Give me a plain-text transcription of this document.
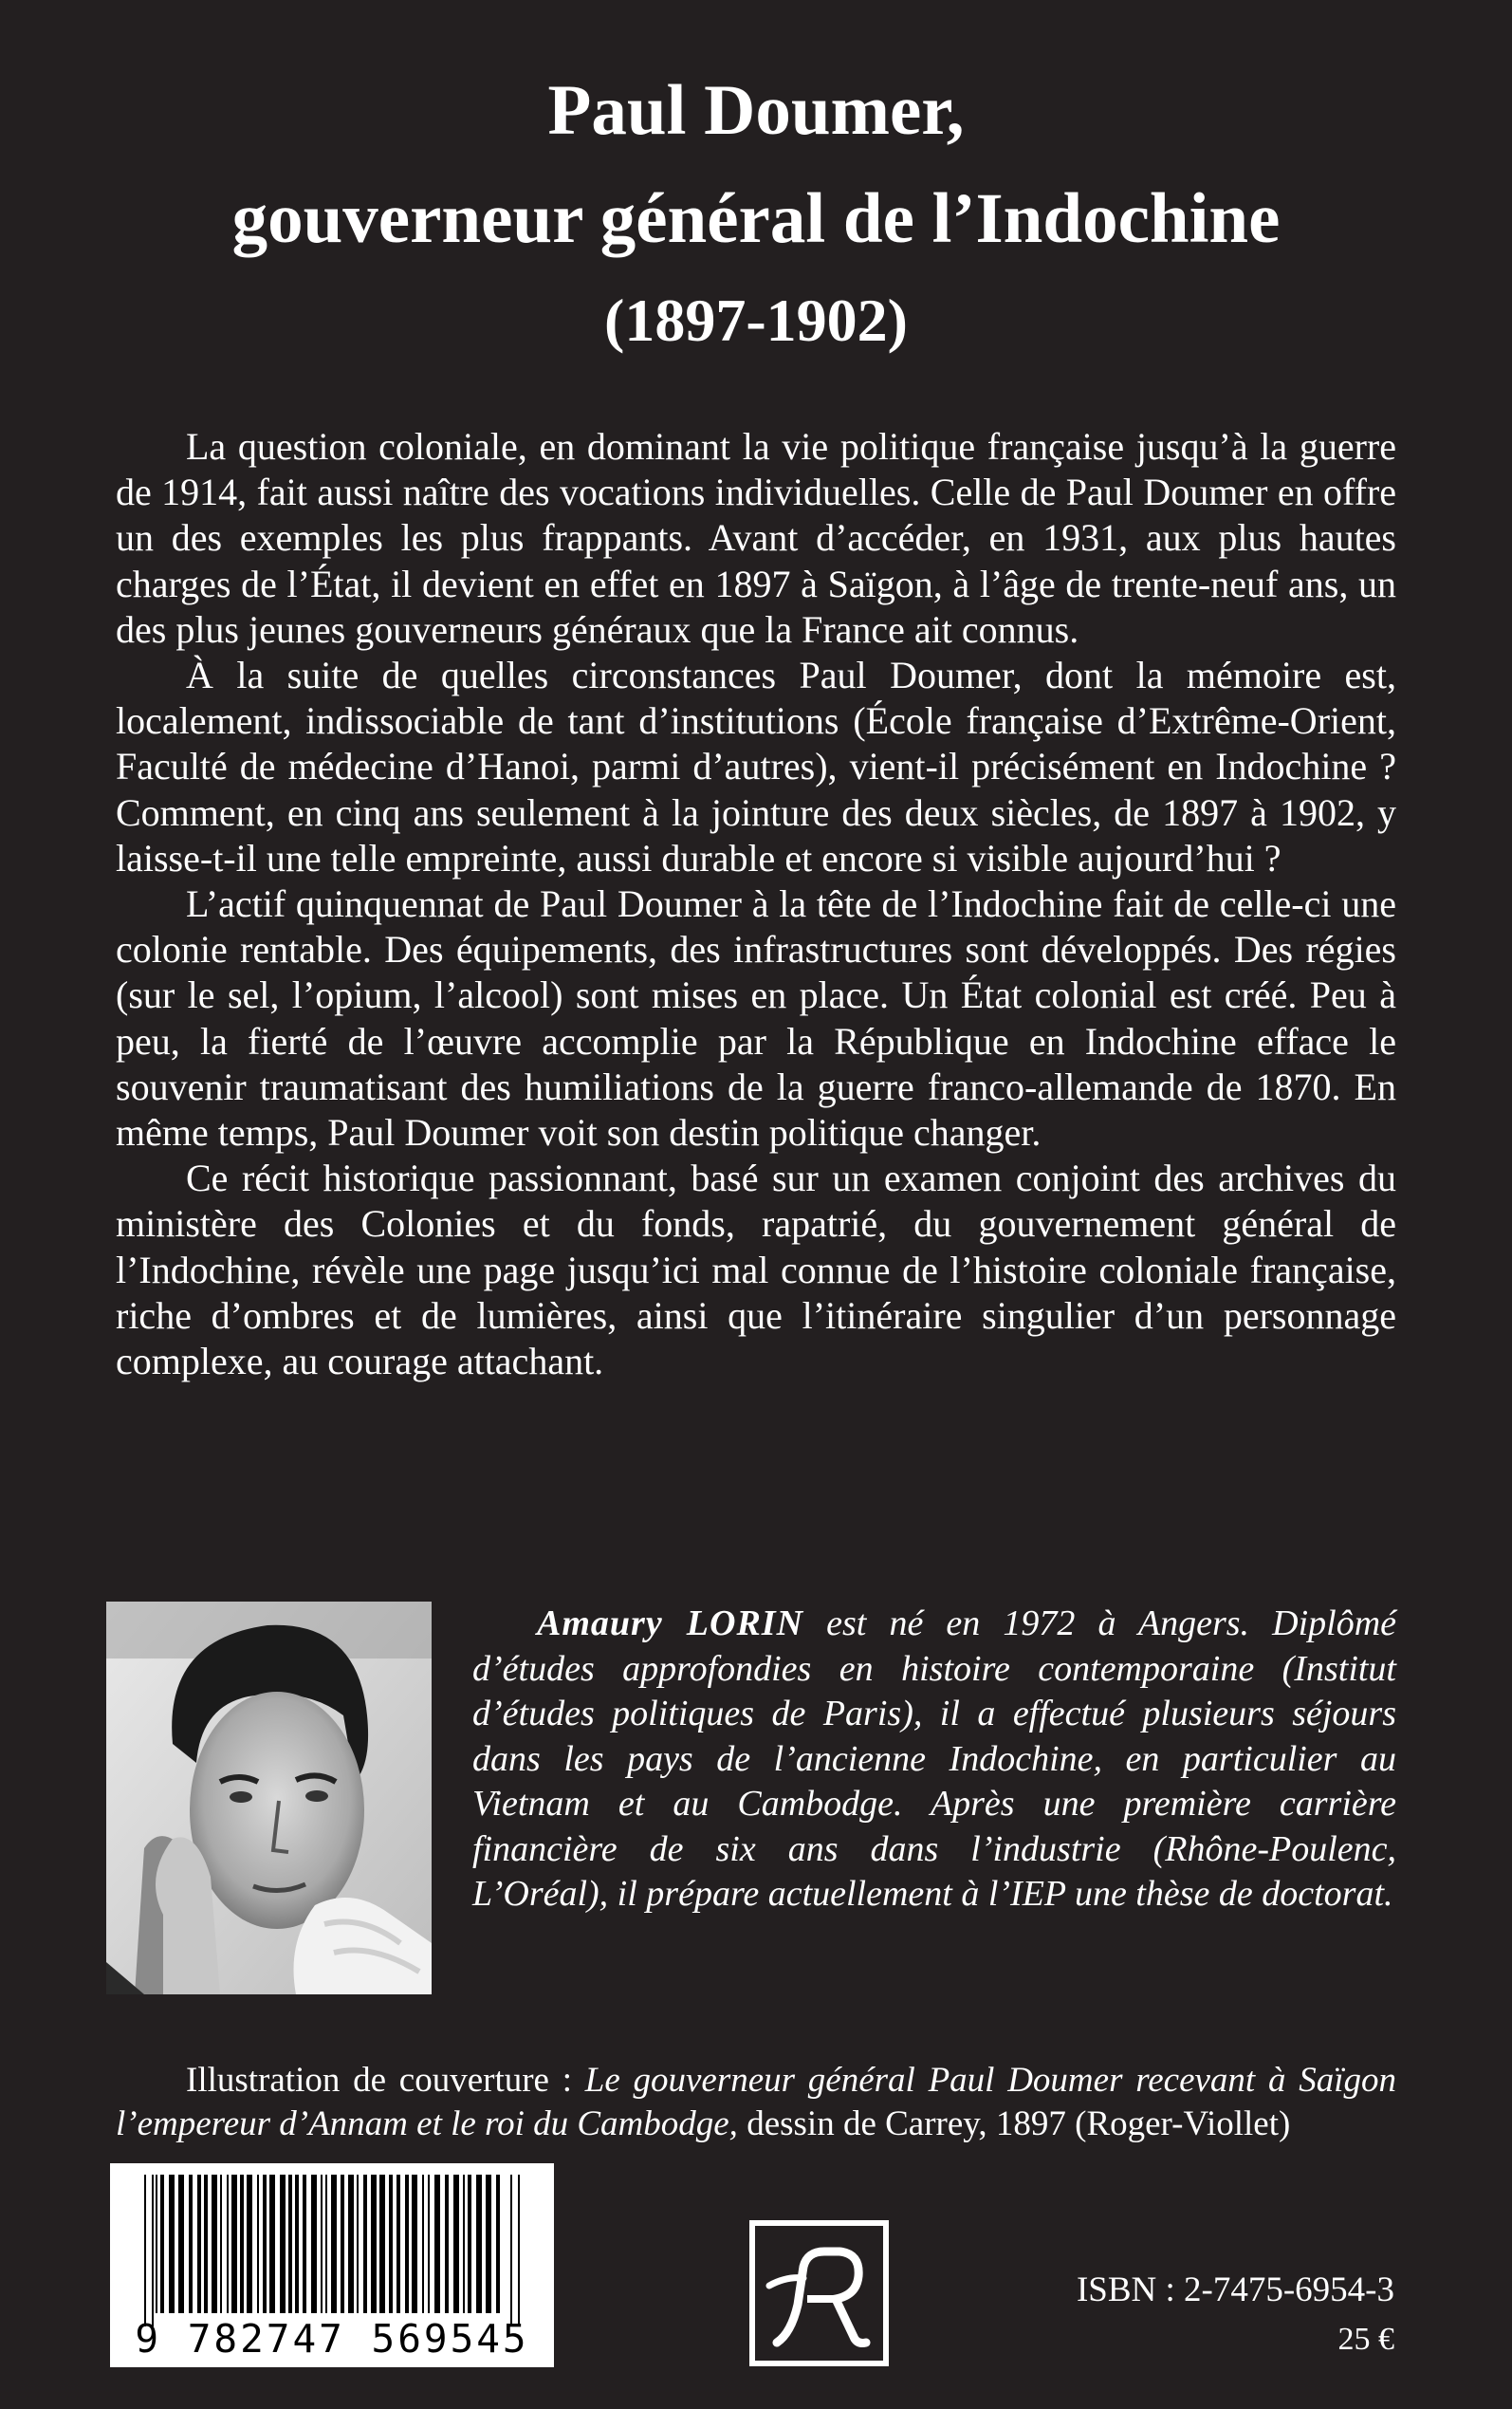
Paul Doumer,
gouverneur général de l’Indochine
(1897-1902)

La question coloniale, en dominant la vie politique française jusqu’à la guerre de 1914, fait aussi naître des vocations individuelles. Celle de Paul Doumer en offre un des exemples les plus frappants. Avant d’accéder, en 1931, aux plus hautes charges de l’État, il devient en effet en 1897 à Saïgon, à l’âge de trente-neuf ans, un des plus jeunes gouverneurs généraux que la France ait connus.

À la suite de quelles circonstances Paul Doumer, dont la mémoire est, localement, indissociable de tant d’institutions (École française d’Extrême-Orient, Faculté de médecine d’Hanoi, parmi d’autres), vient-il précisément en Indochine ? Comment, en cinq ans seulement à la jointure des deux siècles, de 1897 à 1902, y laisse-t-il une telle empreinte, aussi durable et encore si visible aujourd’hui ?

L’actif quinquennat de Paul Doumer à la tête de l’Indochine fait de celle-ci une colonie rentable. Des équipements, des infrastructures sont développés. Des régies (sur le sel, l’opium, l’alcool) sont mises en place. Un État colonial est créé. Peu à peu, la fierté de l’œuvre accomplie par la République en Indochine efface le souvenir traumatisant des humiliations de la guerre franco-allemande de 1870. En même temps, Paul Doumer voit son destin politique changer.

Ce récit historique passionnant, basé sur un examen conjoint des archives du ministère des Colonies et du fonds, rapatrié, du gouvernement général de l’Indochine, révèle une page jusqu’ici mal connue de l’histoire coloniale française, riche d’ombres et de lumières, ainsi que l’itinéraire singulier d’un personnage complexe, au courage attachant.

Amaury LORIN est né en 1972 à Angers. Diplômé d’études approfondies en histoire contemporaine (Institut d’études politiques de Paris), il a effectué plusieurs séjours dans les pays de l’ancienne Indochine, en particulier au Vietnam et au Cambodge. Après une première carrière financière de six ans dans l’industrie (Rhône-Poulenc, L’Oréal), il prépare actuellement à l’IEP une thèse de doctorat.

Illustration de couverture : Le gouverneur général Paul Doumer recevant à Saïgon l’empereur d’Annam et le roi du Cambodge, dessin de Carrey, 1897 (Roger-Viollet)

9 782747 569545
ISBN : 2-7475-6954-3
25 €
